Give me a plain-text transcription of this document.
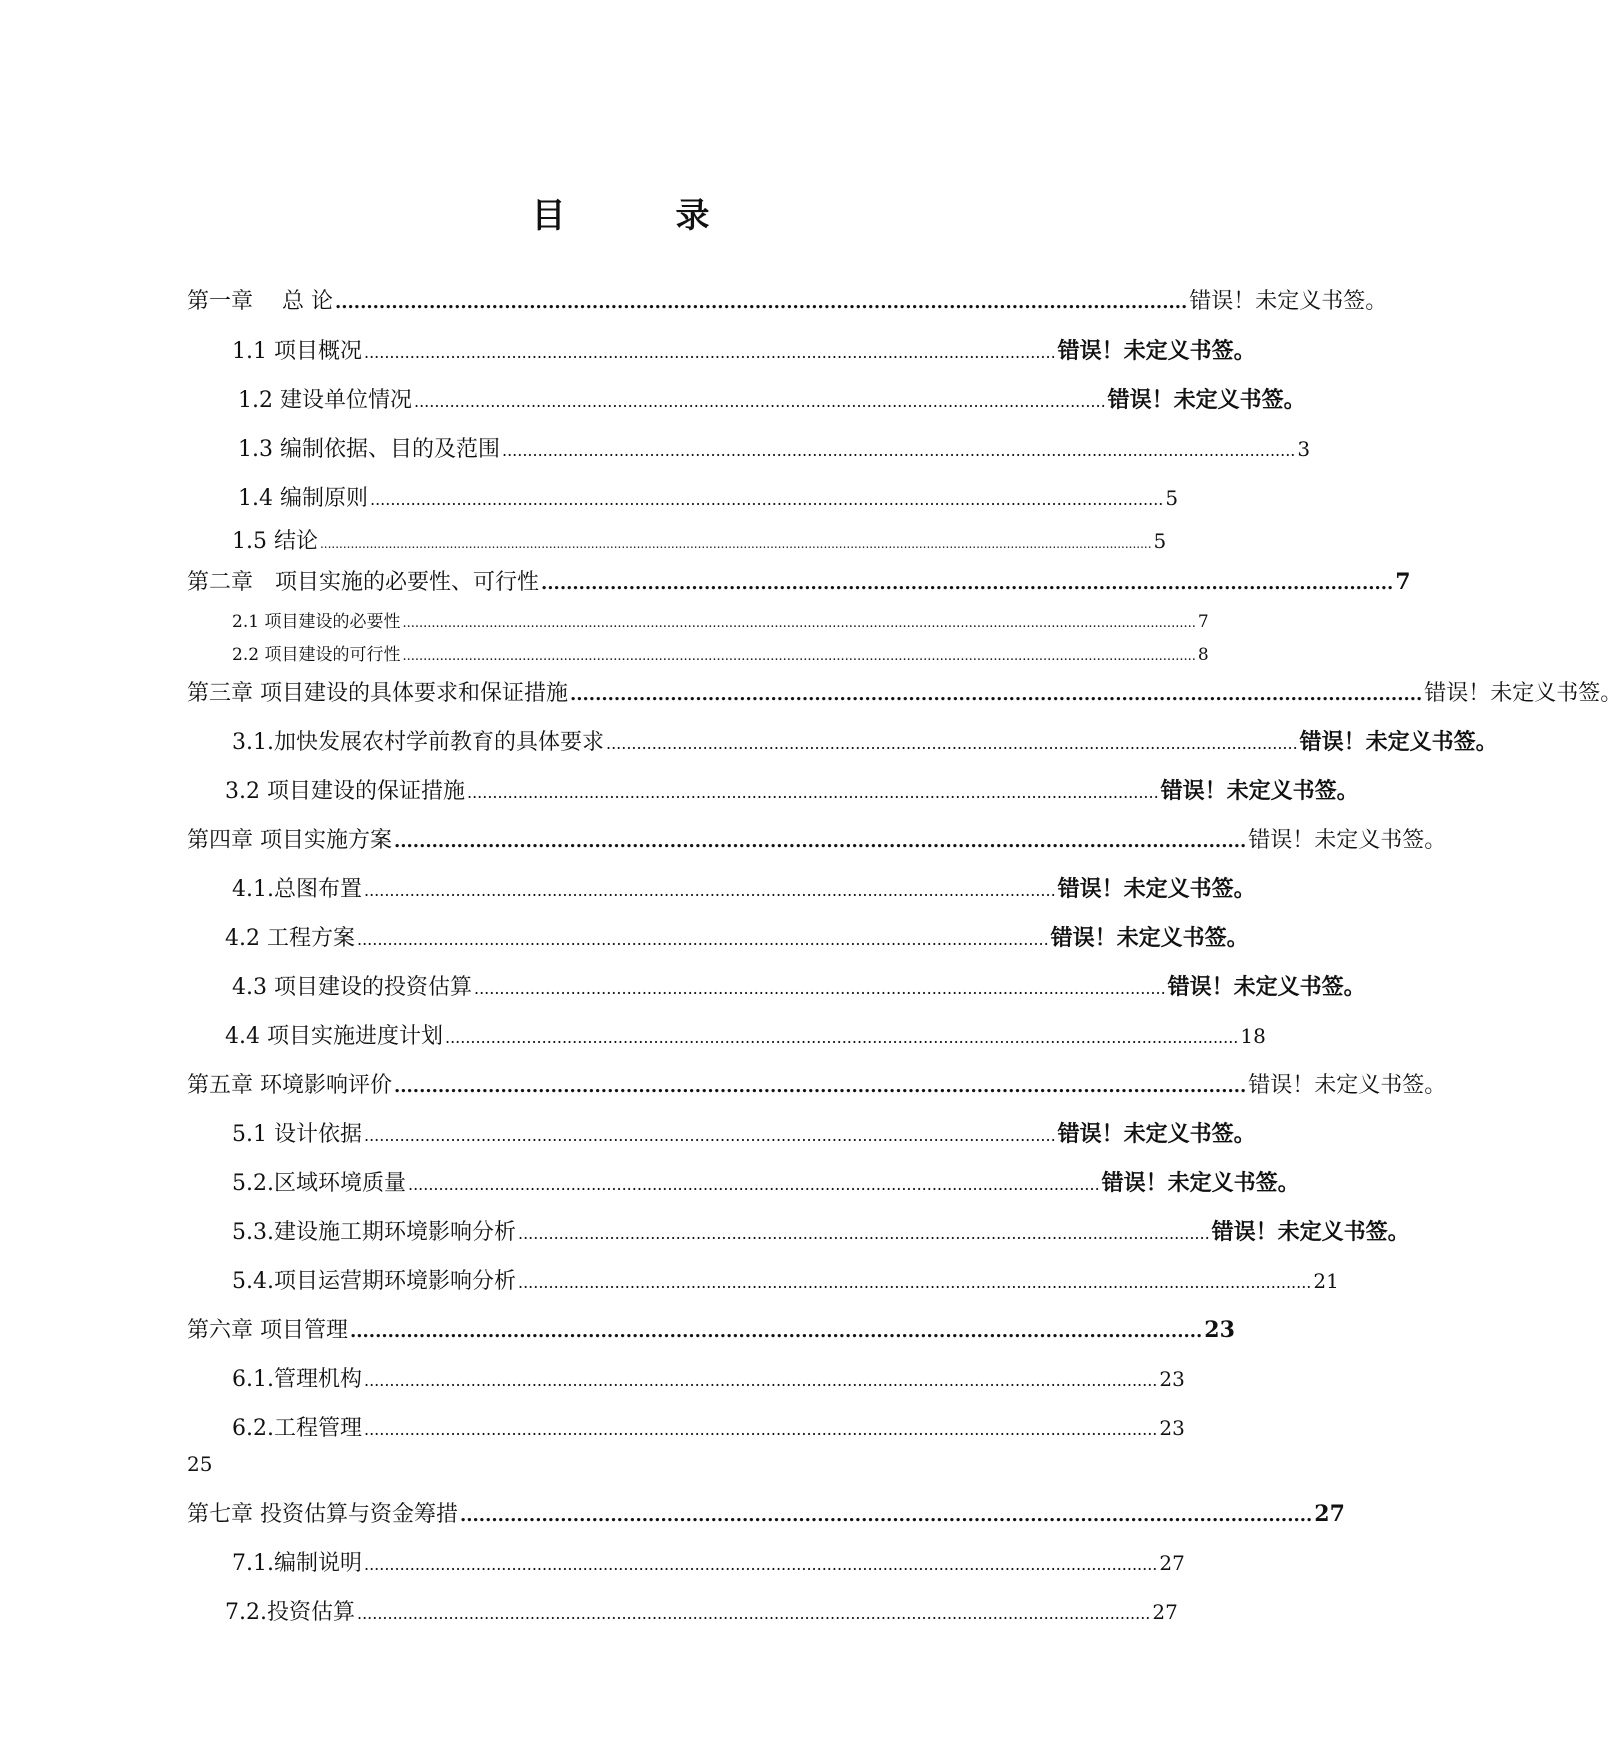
目　录
第一章　 总 论 ........................................................................................................................................ 错误！未定义书签。
1.1 项目概况 ........................................................................................................................................ 错误！未定义书签。
1.2 建设单位情况 ........................................................................................................................................ 错误！未定义书签。
1.3 编制依据、目的及范围 ............................................................................................................................................................ 3
1.4 编制原则 ............................................................................................................................................................ 5
1.5 结论 .......................................................................................................................................................................................................................... 5
第二章　项目实施的必要性、可行性 ........................................................................................................................................ 7
2.1 项目建设的必要性 ................................................................................................................................................................................................ 7
2.2 项目建设的可行性 ................................................................................................................................................................................................ 8
第三章 项目建设的具体要求和保证措施 ........................................................................................................................................ 错误！未定义书签。
3.1.加快发展农村学前教育的具体要求 ........................................................................................................................................ 错误！未定义书签。
3.2 项目建设的保证措施 ........................................................................................................................................ 错误！未定义书签。
第四章 项目实施方案 ........................................................................................................................................ 错误！未定义书签。
4.1.总图布置 ........................................................................................................................................ 错误！未定义书签。
4.2 工程方案 ........................................................................................................................................ 错误！未定义书签。
4.3 项目建设的投资估算 ........................................................................................................................................ 错误！未定义书签。
4.4 项目实施进度计划 ............................................................................................................................................................ 18
第五章 环境影响评价 ........................................................................................................................................ 错误！未定义书签。
5.1 设计依据 ........................................................................................................................................ 错误！未定义书签。
5.2.区域环境质量 ........................................................................................................................................ 错误！未定义书签。
5.3.建设施工期环境影响分析 ........................................................................................................................................ 错误！未定义书签。
5.4.项目运营期环境影响分析 ............................................................................................................................................................ 21
第六章 项目管理 ........................................................................................................................................ 23
6.1.管理机构 ............................................................................................................................................................ 23
6.2.工程管理 ............................................................................................................................................................ 23
25
第七章 投资估算与资金筹措 ........................................................................................................................................ 27
7.1.编制说明 ............................................................................................................................................................ 27
7.2.投资估算 ............................................................................................................................................................ 27
